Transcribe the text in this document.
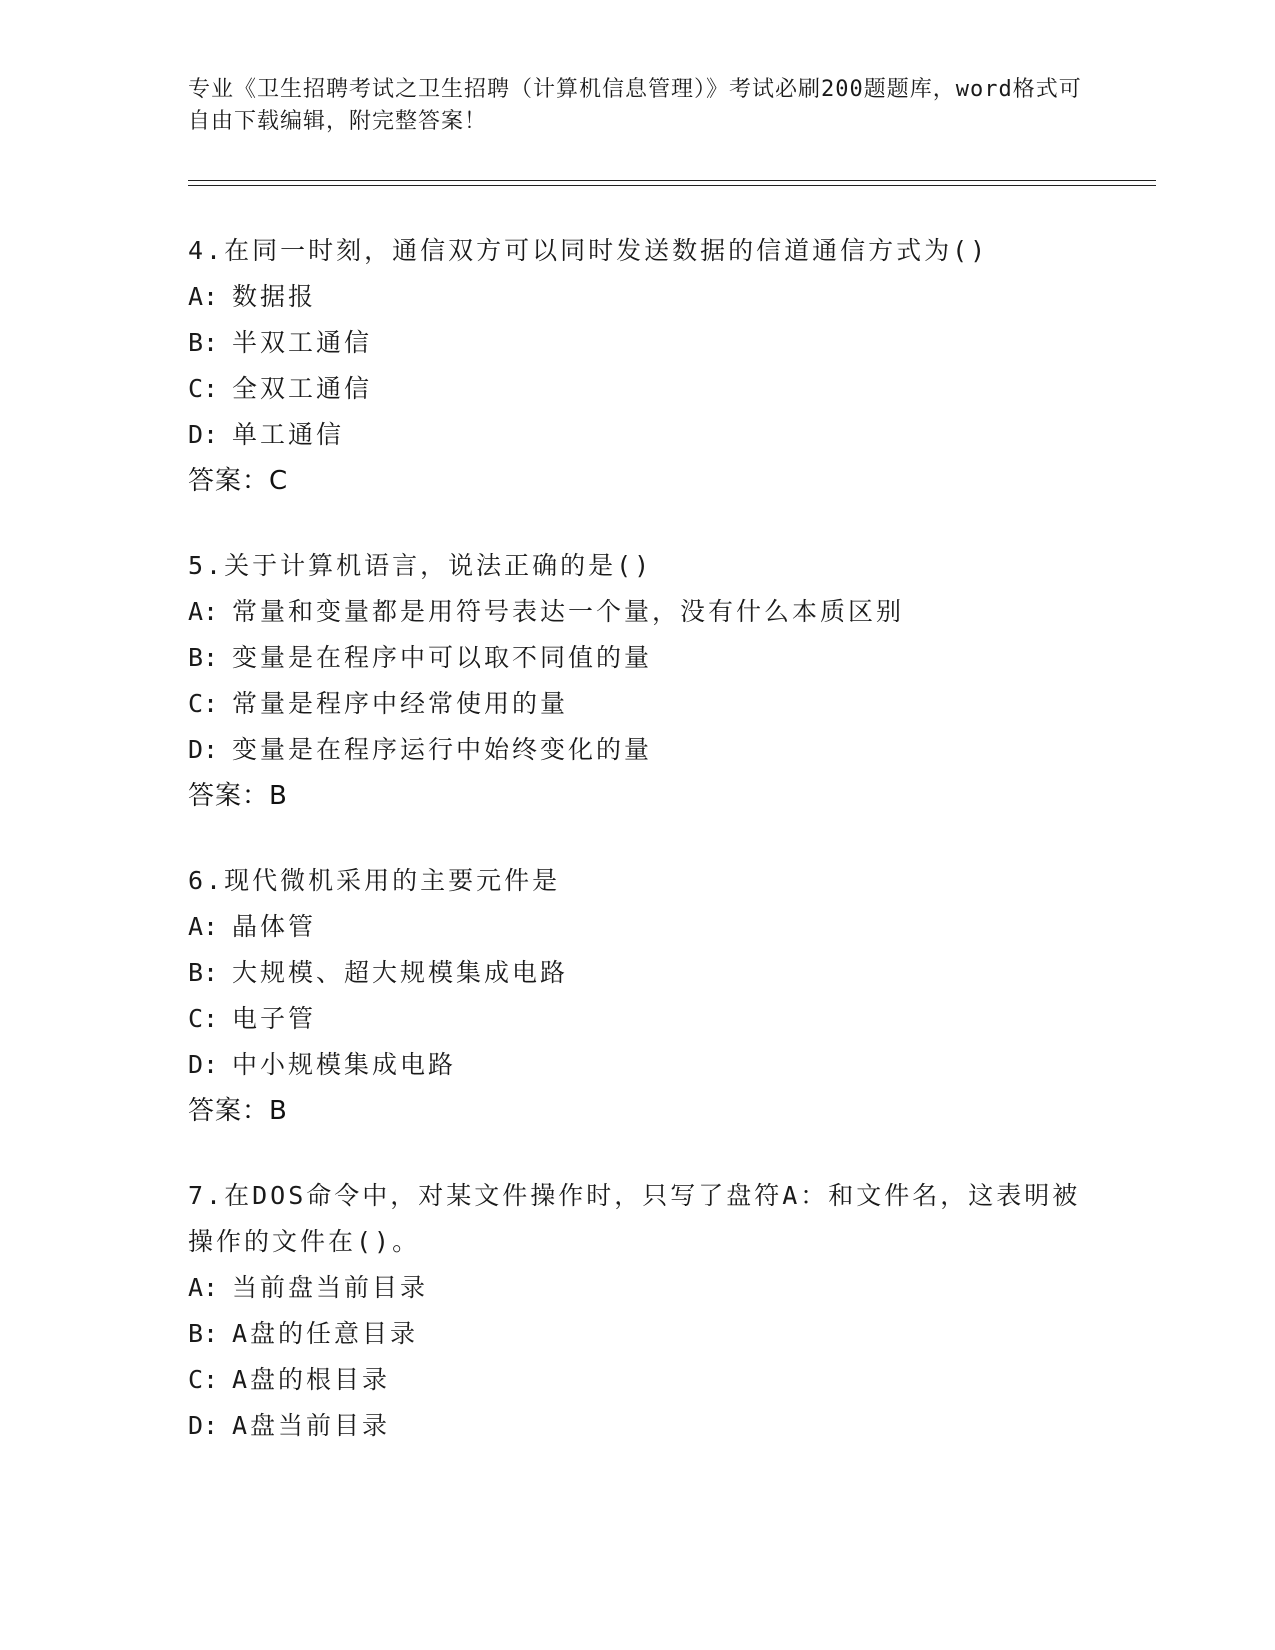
专业《卫生招聘考试之卫生招聘（计算机信息管理）》考试必刷200题题库，word格式可自由下载编辑，附完整答案！

4.在同一时刻，通信双方可以同时发送数据的信道通信方式为()

A: 数据报

B: 半双工通信

C: 全双工通信

D: 单工通信

答案：C

5.关于计算机语言，说法正确的是()

A: 常量和变量都是用符号表达一个量，没有什么本质区别

B: 变量是在程序中可以取不同值的量

C: 常量是程序中经常使用的量

D: 变量是在程序运行中始终变化的量

答案：B

6.现代微机采用的主要元件是

A: 晶体管

B: 大规模、超大规模集成电路

C: 电子管

D: 中小规模集成电路

答案：B

7.在DOS命令中，对某文件操作时，只写了盘符A：和文件名，这表明被操作的文件在()。

A: 当前盘当前目录

B: A盘的任意目录

C: A盘的根目录

D: A盘当前目录
